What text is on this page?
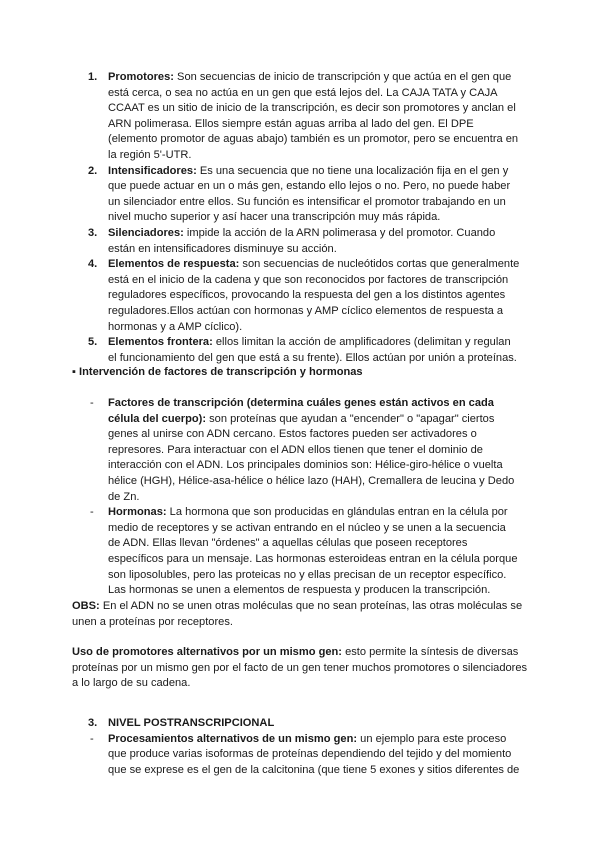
1. Promotores: Son secuencias de inicio de transcripción y que actúa en el gen que está cerca, o sea no actúa en un gen que está lejos del. La CAJA TATA y CAJA CCAAT es un sitio de inicio de la transcripción, es decir son promotores y anclan el ARN polimerasa. Ellos siempre están aguas arriba al lado del gen. El DPE (elemento promotor de aguas abajo) también es un promotor, pero se encuentra en la región 5'-UTR.
2. Intensificadores: Es una secuencia que no tiene una localización fija en el gen y que puede actuar en un o más gen, estando ello lejos o no. Pero, no puede haber un silenciador entre ellos. Su función es intensificar el promotor trabajando en un nivel mucho superior y así hacer una transcripción muy más rápida.
3. Silenciadores: impide la acción de la ARN polimerasa y del promotor. Cuando están en intensificadores disminuye su acción.
4. Elementos de respuesta: son secuencias de nucleótidos cortas que generalmente está en el inicio de la cadena y que son reconocidos por factores de transcripción reguladores específicos, provocando la respuesta del gen a los distintos agentes reguladores.Ellos actúan con hormonas y AMP cíclico elementos de respuesta a hormonas y a AMP cíclico).
5. Elementos frontera: ellos limitan la acción de amplificadores (delimitan y regulan el funcionamiento del gen que está a su frente). Ellos actúan por unión a proteínas.
▪ Intervención de factores de transcripción y hormonas
- Factores de transcripción (determina cuáles genes están activos en cada célula del cuerpo): son proteínas que ayudan a "encender" o "apagar" ciertos genes al unirse con ADN cercano. Estos factores pueden ser activadores o represores. Para interactuar con el ADN ellos tienen que tener el dominio de interacción con el ADN. Los principales dominios son: Hélice-giro-hélice o vuelta hélice (HGH), Hélice-asa-hélice o hélice lazo (HAH), Cremallera de leucina y Dedo de Zn.
- Hormonas: La hormona que son producidas en glándulas entran en la célula por medio de receptores y se activan entrando en el núcleo y se unen a la secuencia de ADN. Ellas llevan "órdenes" a aquellas células que poseen receptores específicos para un mensaje. Las hormonas esteroideas entran en la célula porque son liposolubles, pero las proteicas no y ellas precisan de un receptor específico. Las hormonas se unen a elementos de respuesta y producen la transcripción.

OBS: En el ADN no se unen otras moléculas que no sean proteínas, las otras moléculas se unen a proteínas por receptores.

Uso de promotores alternativos por un mismo gen: esto permite la síntesis de diversas proteínas por un mismo gen por el facto de un gen tener muchos promotores o silenciadores a lo largo de su cadena.

3. NIVEL POSTRANSCRIPCIONAL
- Procesamientos alternativos de un mismo gen: un ejemplo para este proceso que produce varias isoformas de proteínas dependiendo del tejido y del momiento que se exprese es el gen de la calcitonina (que tiene 5 exones y sitios diferentes de
